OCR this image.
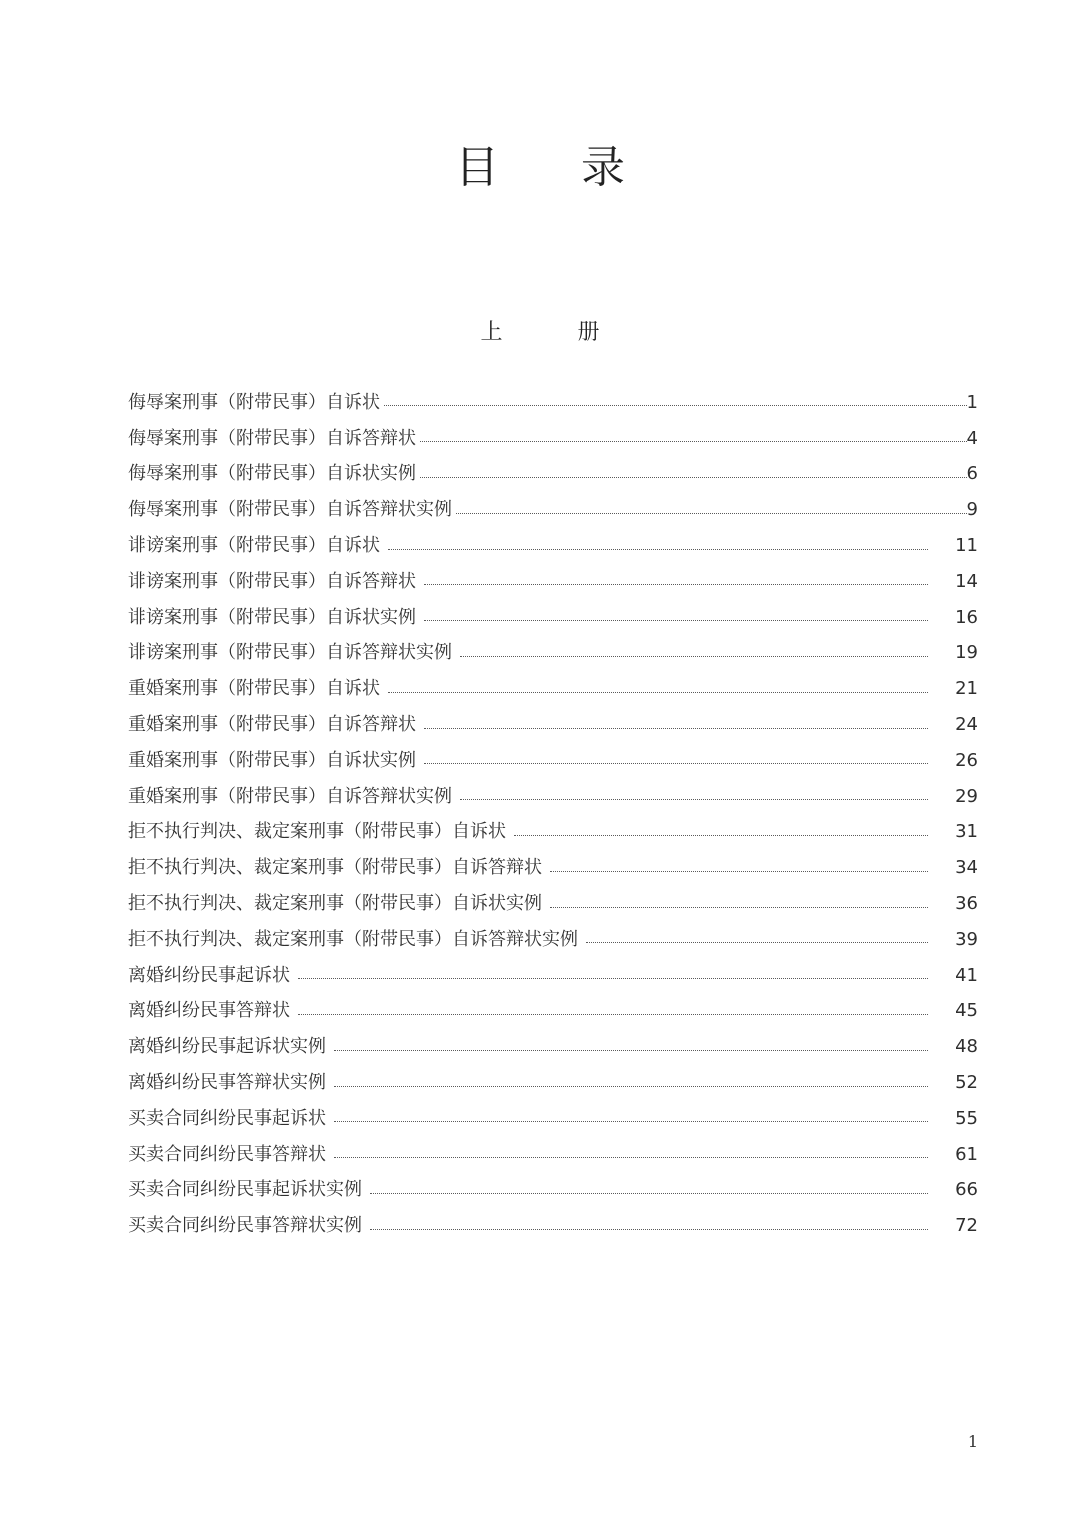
目 录
上 册
侮辱案刑事（附带民事）自诉状	1
侮辱案刑事（附带民事）自诉答辩状	4
侮辱案刑事（附带民事）自诉状实例	6
侮辱案刑事（附带民事）自诉答辩状实例	9
诽谤案刑事（附带民事）自诉状	11
诽谤案刑事（附带民事）自诉答辩状	14
诽谤案刑事（附带民事）自诉状实例	16
诽谤案刑事（附带民事）自诉答辩状实例	19
重婚案刑事（附带民事）自诉状	21
重婚案刑事（附带民事）自诉答辩状	24
重婚案刑事（附带民事）自诉状实例	26
重婚案刑事（附带民事）自诉答辩状实例	29
拒不执行判决、裁定案刑事（附带民事）自诉状	31
拒不执行判决、裁定案刑事（附带民事）自诉答辩状	34
拒不执行判决、裁定案刑事（附带民事）自诉状实例	36
拒不执行判决、裁定案刑事（附带民事）自诉答辩状实例	39
离婚纠纷民事起诉状	41
离婚纠纷民事答辩状	45
离婚纠纷民事起诉状实例	48
离婚纠纷民事答辩状实例	52
买卖合同纠纷民事起诉状	55
买卖合同纠纷民事答辩状	61
买卖合同纠纷民事起诉状实例	66
买卖合同纠纷民事答辩状实例	72
1
